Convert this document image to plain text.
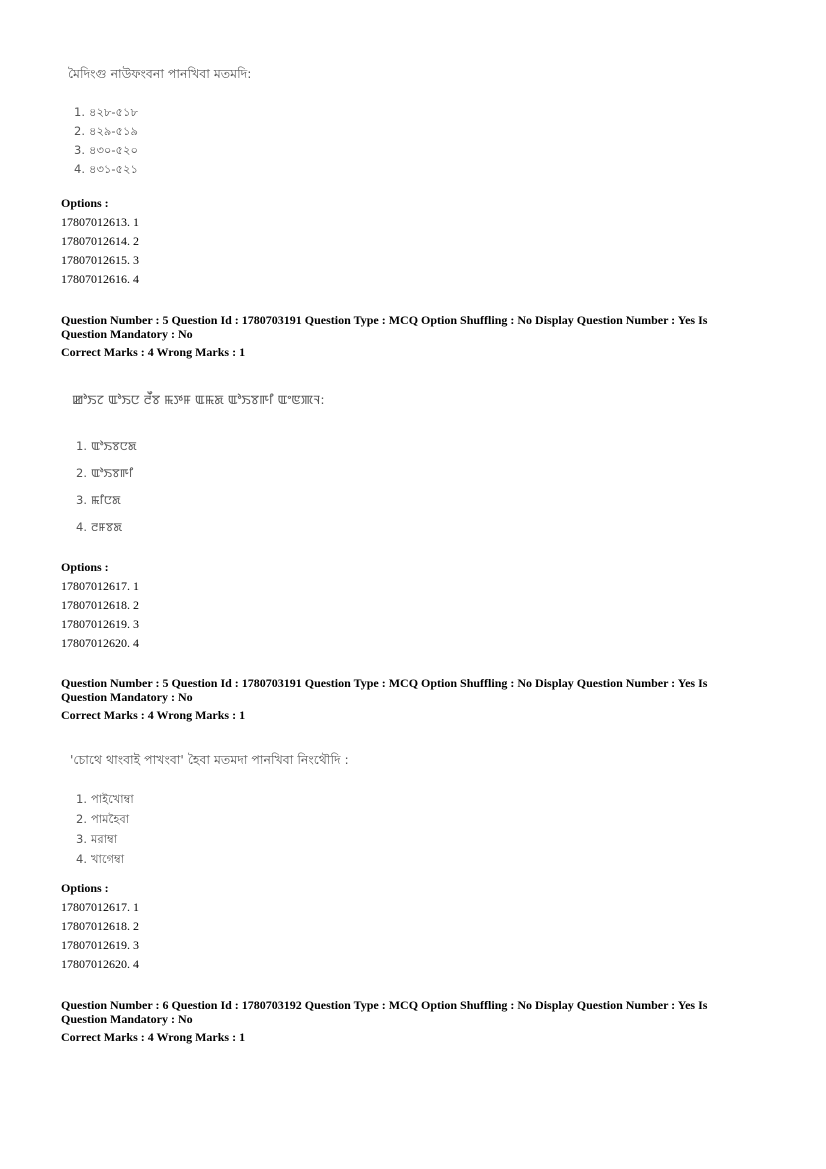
মৈদিংগু নাউফংবনা পানখিবা মতমদি:
1. ৪২৮-৫১৮
2. ৪২৯-৫১৯
3. ৪৩০-৫২০
4. ৪৩১-৫২১
Options :
17807012613. 1
17807012614. 2
17807012615. 3
17807012616. 4
Question Number : 5 Question Id : 1780703191 Question Type : MCQ Option Shuffling : No Display Question Number : Yes Is Question Mandatory : No
Correct Marks : 4 Wrong Marks : 1
ꯀꯣꯏꯖ ꯑꯣꯏꯅ ꯂꯩꯕ ꯃꯇꯝ ꯑꯃꯗ ꯑꯣꯏꯕꯒꯤ ꯑꯦꯟꯄꯜ:
1. ꯑꯣꯏꯕꯅꯗ
2. ꯑꯣꯏꯕꯒꯤ
3. ꯃꯤꯅꯗ
4. ꯂꯝꯕꯗ
Options :
17807012617. 1
17807012618. 2
17807012619. 3
17807012620. 4
Question Number : 5 Question Id : 1780703191 Question Type : MCQ Option Shuffling : No Display Question Number : Yes Is Question Mandatory : No
Correct Marks : 4 Wrong Marks : 1
'চোথে থাংবাই পাখংবা' হৈবা মতমদা পানখিবা নিংথৌদি :
1. পাইখোম্বা
2. পামহৈবা
3. মরাম্বা
4. খাগেম্বা
Options :
17807012617. 1
17807012618. 2
17807012619. 3
17807012620. 4
Question Number : 6 Question Id : 1780703192 Question Type : MCQ Option Shuffling : No Display Question Number : Yes Is Question Mandatory : No
Correct Marks : 4 Wrong Marks : 1
